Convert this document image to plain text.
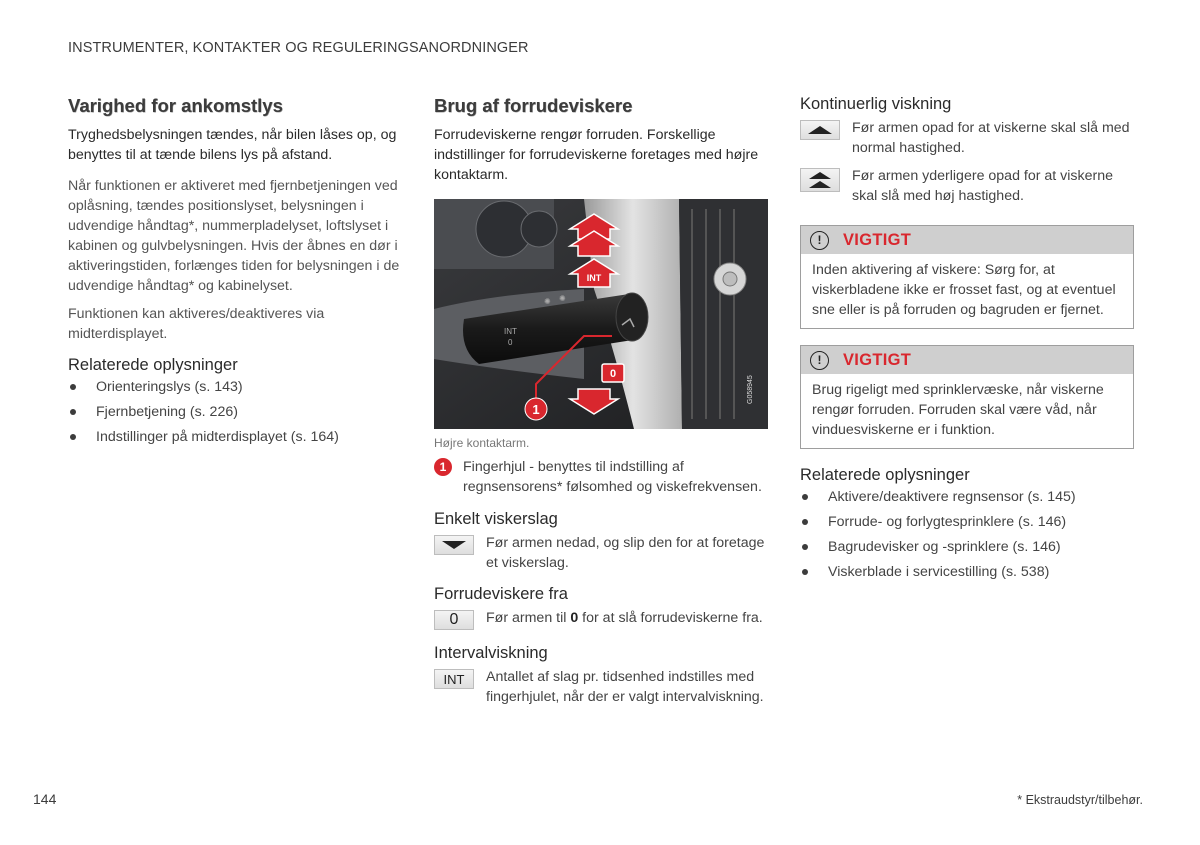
INSTRUMENTER, KONTAKTER OG REGULERINGSANORDNINGER
Varighed for ankomstlys

Tryghedsbelysningen tændes, når bilen låses op, og benyttes til at tænde bilens lys på afstand.

Når funktionen er aktiveret med fjernbetjeningen ved oplåsning, tændes positionslyset, belysningen i udvendige håndtag*, nummerpladelyset, loftslyset i kabinen og gulvbelysningen. Hvis der åbnes en dør i aktiveringstiden, forlænges tiden for belysningen i de udvendige håndtag* og kabinelyset.

Funktionen kan aktiveres/deaktiveres via midterdisplayet.

Relaterede oplysninger
Orienteringslys (s. 143)
Fjernbetjening (s. 226)
Indstillinger på midterdisplayet (s. 164)
Brug af forrudeviskere

Forrudeviskerne rengør forruden. Forskellige indstillinger for forrudeviskerne foretages med højre kontaktarm.

INT
0
✺ ✺
INT
0
1
G058945
Højre kontaktarm.
1	Fingerhjul - benyttes til indstilling af regnsensorens* følsomhed og viskefrekvensen.

Enkelt viskerslag

Før armen nedad, og slip den for at foretage et viskerslag.

Forrudeviskere fra
0	Før armen til 0 for at slå forrudeviskerne fra.

Intervalviskning
INT	Antallet af slag pr. tidsenhed indstilles med fingerhjulet, når der er valgt intervalviskning.

Kontinuerlig viskning

Før armen opad for at viskerne skal slå med normal hastighed.

Før armen yderligere opad for at viskerne skal slå med høj hastighed.

!	VIGTIGT

Inden aktivering af viskere: Sørg for, at viskerbladene ikke er frosset fast, og at eventuel sne eller is på forruden og bagruden er fjernet.

!	VIGTIGT

Brug rigeligt med sprinklervæske, når viskerne rengør forruden. Forruden skal være våd, når vinduesviskerne er i funktion.

Relaterede oplysninger
Aktivere/deaktivere regnsensor (s. 145)
Forrude- og forlygtesprinklere (s. 146)
Bagrudevisker og -sprinklere (s. 146)
Viskerblade i servicestilling (s. 538)
144	* Ekstraudstyr/tilbehør.
